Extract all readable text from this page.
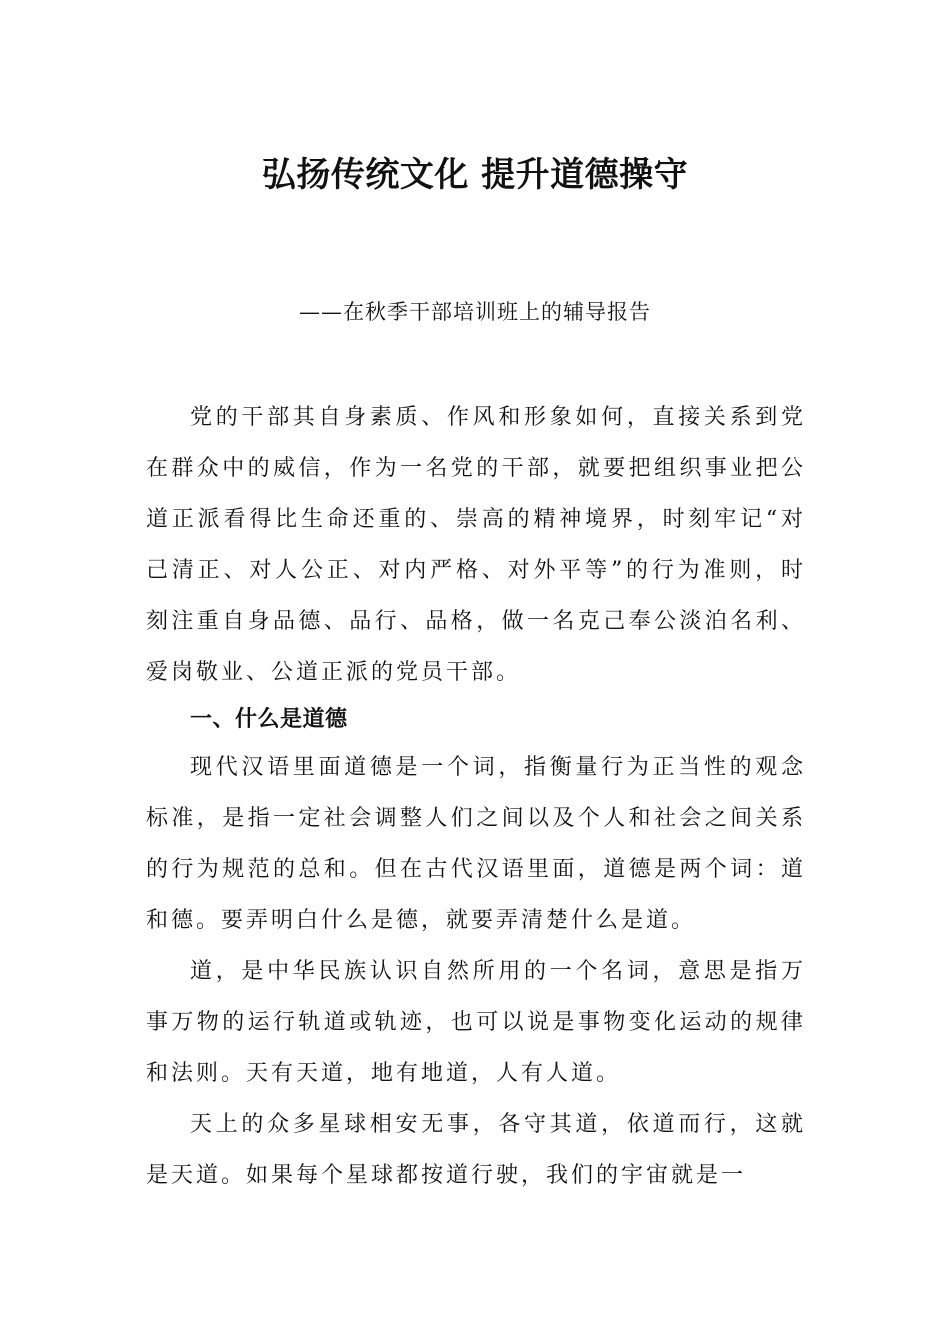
弘扬传统文化 提升道德操守
——在秋季干部培训班上的辅导报告

党的干部其自身素质、作风和形象如何，直接关系到党在群众中的威信，作为一名党的干部，就要把组织事业把公道正派看得比生命还重的、崇高的精神境界，时刻牢记“对己清正、对人公正、对内严格、对外平等”的行为准则，时刻注重自身品德、品行、品格，做一名克己奉公淡泊名利、爱岗敬业、公道正派的党员干部。

一、什么是道德

现代汉语里面道德是一个词，指衡量行为正当性的观念标准，是指一定社会调整人们之间以及个人和社会之间关系的行为规范的总和。但在古代汉语里面，道德是两个词：道和德。要弄明白什么是德，就要弄清楚什么是道。

道，是中华民族认识自然所用的一个名词，意思是指万事万物的运行轨道或轨迹，也可以说是事物变化运动的规律和法则。天有天道，地有地道，人有人道。

天上的众多星球相安无事，各守其道，依道而行，这就是天道。如果每个星球都按道行驶，我们的宇宙就是一
